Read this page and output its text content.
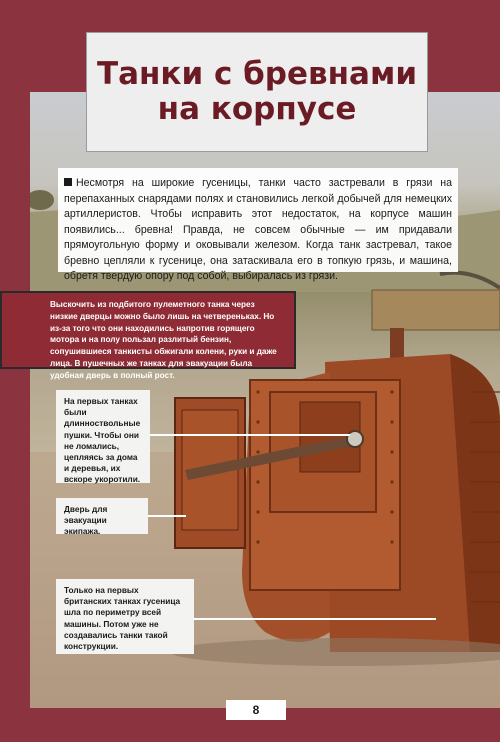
Танки с бревнами на корпусе
Несмотря на широкие гусеницы, танки часто застревали в грязи на перепаханных снарядами полях и становились легкой добычей для немецких артиллеристов. Чтобы исправить этот недостаток, на корпусе машин появились... бревна! Правда, не совсем обычные — им придавали прямоугольную форму и оковывали железом. Когда танк застревал, такое бревно цепляли к гусенице, она затаскивала его в топкую грязь, и машина, обретя твердую опору под собой, выбиралась из грязи.
Выскочить из подбитого пулеметного танка через низкие дверцы можно было лишь на четвереньках. Но из-за того что они находились напротив горящего мотора и на полу пользал разлитый бензин, сопушившиеся танкисты обжигали колени, руки и даже лица. В пушечных же танках для эвакуации была удобная дверь в полный рост.
На первых танках были длинноствольные пушки. Чтобы они не ломались, цепляясь за дома и деревья, их вскоре укоротили.
Дверь для эвакуации экипажа.
Только на первых британских танках гусеница шла по периметру всей машины. Потом уже не создавались танки такой конструкции.
8
